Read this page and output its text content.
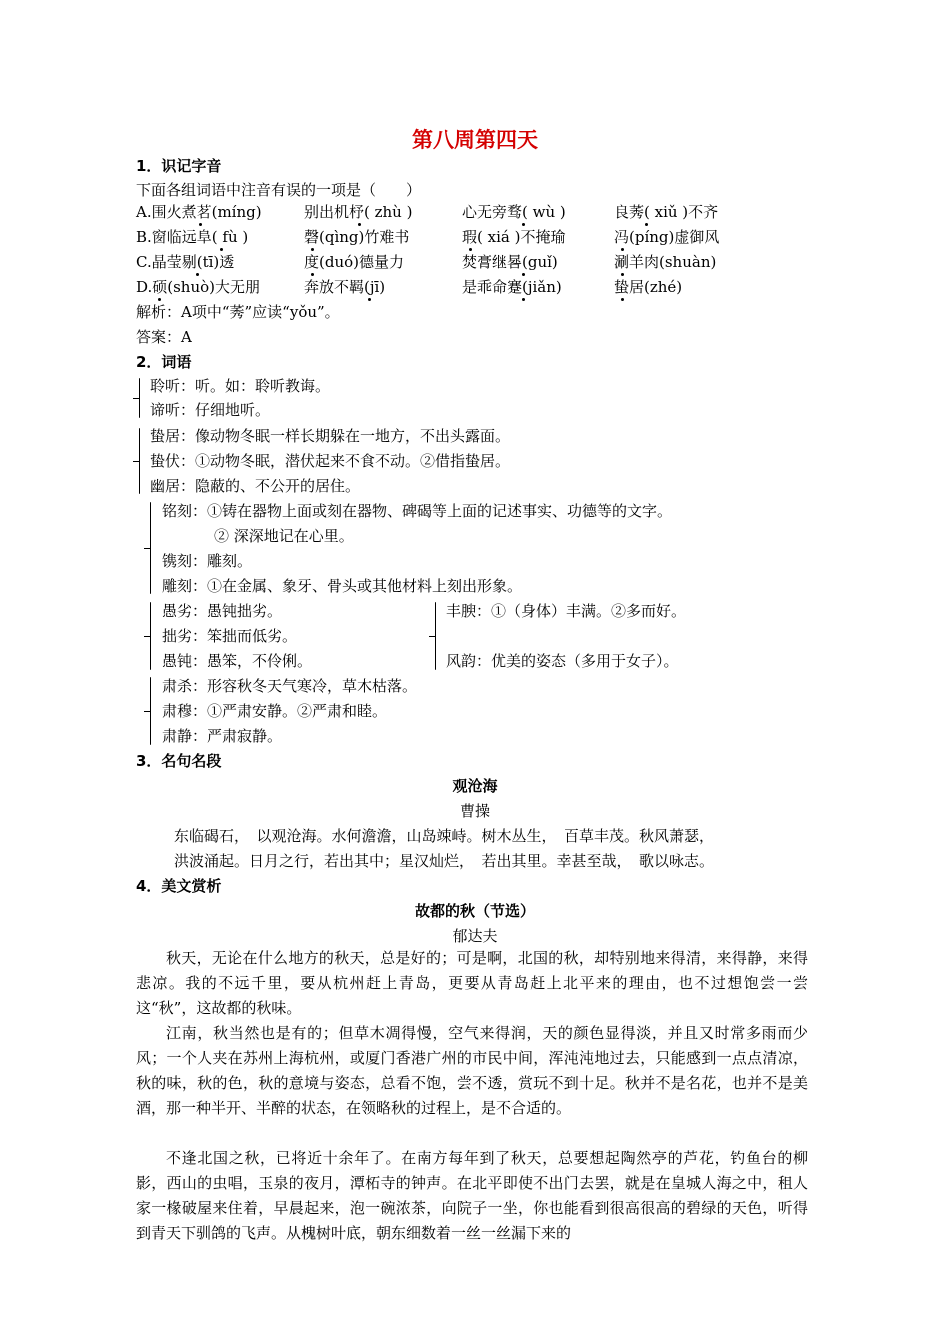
第八周第四天
1．识记字音
下面各组词语中注音有误的一项是（　　）
A.围火煮茗(míng)	别出机杼( zhù )	心无旁骛( wù )	良莠( xiǔ )不齐
B.窗临远阜( fù )	磬(qìng)竹难书	瑕( xiá )不掩瑜	冯(píng)虚御风
C.晶莹剔(tī)透	度(duó)德量力	焚膏继晷(guǐ)	涮羊肉(shuàn)
D.硕(shuò)大无朋	奔放不羁(jī)	是乖命蹇(jiǎn)	蛰居(zhé)
解析：A项中“莠”应读“yǒu”。
答案：A
2．词语
聆听：听。如：聆听教诲。
谛听：仔细地听。
蛰居：像动物冬眠一样长期躲在一地方，不出头露面。
蛰伏：①动物冬眠，潜伏起来不食不动。②借指蛰居。
幽居：隐蔽的、不公开的居住。
铭刻：①铸在器物上面或刻在器物、碑碣等上面的记述事实、功德等的文字。
② 深深地记在心里。
镌刻：雕刻。
雕刻：①在金属、象牙、骨头或其他材料上刻出形象。
愚劣：愚钝拙劣。
拙劣：笨拙而低劣。
愚钝：愚笨，不伶俐。
丰腴：①（身体）丰满。②多而好。
风韵：优美的姿态（多用于女子）。
肃杀：形容秋冬天气寒冷，草木枯落。
肃穆：①严肃安静。②严肃和睦。
肃静：严肃寂静。
3．名句名段
观沧海
曹操
东临碣石，　以观沧海。水何澹澹，山岛竦峙。树木丛生，　百草丰茂。秋风萧瑟，
洪波涌起。日月之行，若出其中；星汉灿烂，　若出其里。幸甚至哉，　歌以咏志。
4．美文赏析
故都的秋（节选）
郁达夫
秋天，无论在什么地方的秋天，总是好的；可是啊，北国的秋，却特别地来得清，来得静，来得悲凉。我的不远千里，要从杭州赶上青岛，更要从青岛赶上北平来的理由，也不过想饱尝一尝这“秋”，这故都的秋味。
江南，秋当然也是有的；但草木凋得慢，空气来得润，天的颜色显得淡，并且又时常多雨而少风；一个人夹在苏州上海杭州，或厦门香港广州的市民中间，浑沌沌地过去，只能感到一点点清凉，秋的味，秋的色，秋的意境与姿态，总看不饱，尝不透，赏玩不到十足。秋并不是名花，也并不是美酒，那一种半开、半醉的状态，在领略秋的过程上，是不合适的。
不逢北国之秋，已将近十余年了。在南方每年到了秋天，总要想起陶然亭的芦花，钓鱼台的柳影，西山的虫唱，玉泉的夜月，潭柘寺的钟声。在北平即使不出门去罢，就是在皇城人海之中，租人家一椽破屋来住着，早晨起来，泡一碗浓茶，向院子一坐，你也能看到很高很高的碧绿的天色，听得到青天下驯鸽的飞声。从槐树叶底，朝东细数着一丝一丝漏下来的
